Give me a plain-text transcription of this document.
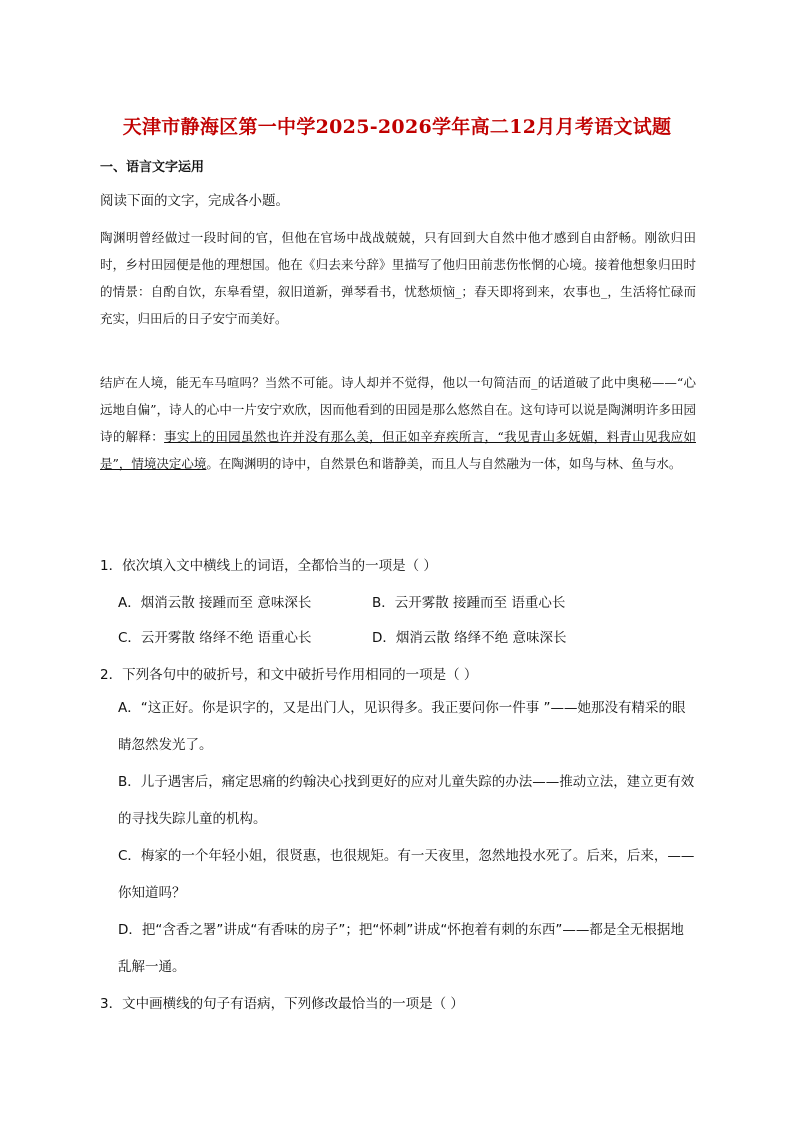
天津市静海区第一中学2025-2026学年高二12月月考语文试题
一、语言文字运用
阅读下面的文字，完成各小题。
陶渊明曾经做过一段时间的官，但他在官场中战战兢兢，只有回到大自然中他才感到自由舒畅。刚欲归田时，乡村田园便是他的理想国。他在《归去来兮辞》里描写了他归田前悲伤怅惘的心境。接着他想象归田时的情景：自酌自饮，东皋看望，叙旧道新，弹琴看书，忧愁烦恼_；春天即将到来，农事也_，生活将忙碌而充实，归田后的日子安宁而美好。
结庐在人境，能无车马喧吗？当然不可能。诗人却并不觉得，他以一句简洁而_的话道破了此中奥秘——“心远地自偏”，诗人的心中一片安宁欢欣，因而他看到的田园是那么悠然自在。这句诗可以说是陶渊明许多田园诗的解释：事实上的田园虽然也许并没有那么美，但正如辛弃疾所言，“我见青山多妩媚，料青山见我应如是”，情境决定心境。在陶渊明的诗中，自然景色和谐静美，而且人与自然融为一体，如鸟与林、鱼与水。
1．依次填入文中横线上的词语，全都恰当的一项是（ ）
A．烟消云散 接踵而至 意味深长	B．云开雾散 接踵而至 语重心长
C．云开雾散 络绎不绝 语重心长	D．烟消云散 络绎不绝 意味深长
2．下列各句中的破折号，和文中破折号作用相同的一项是（ ）
A．“这正好。你是识字的，又是出门人，见识得多。我正要问你一件事 ”——她那没有精采的眼睛忽然发光了。
B．儿子遇害后，痛定思痛的约翰决心找到更好的应对儿童失踪的办法——推动立法，建立更有效的寻找失踪儿童的机构。
C．梅家的一个年轻小姐，很贤惠，也很规矩。有一天夜里，忽然地投水死了。后来，后来，——你知道吗？
D．把“含香之署”讲成“有香味的房子”；把“怀刺”讲成“怀抱着有刺的东西”——都是全无根据地乱解一通。
3．文中画横线的句子有语病，下列修改最恰当的一项是（ ）
